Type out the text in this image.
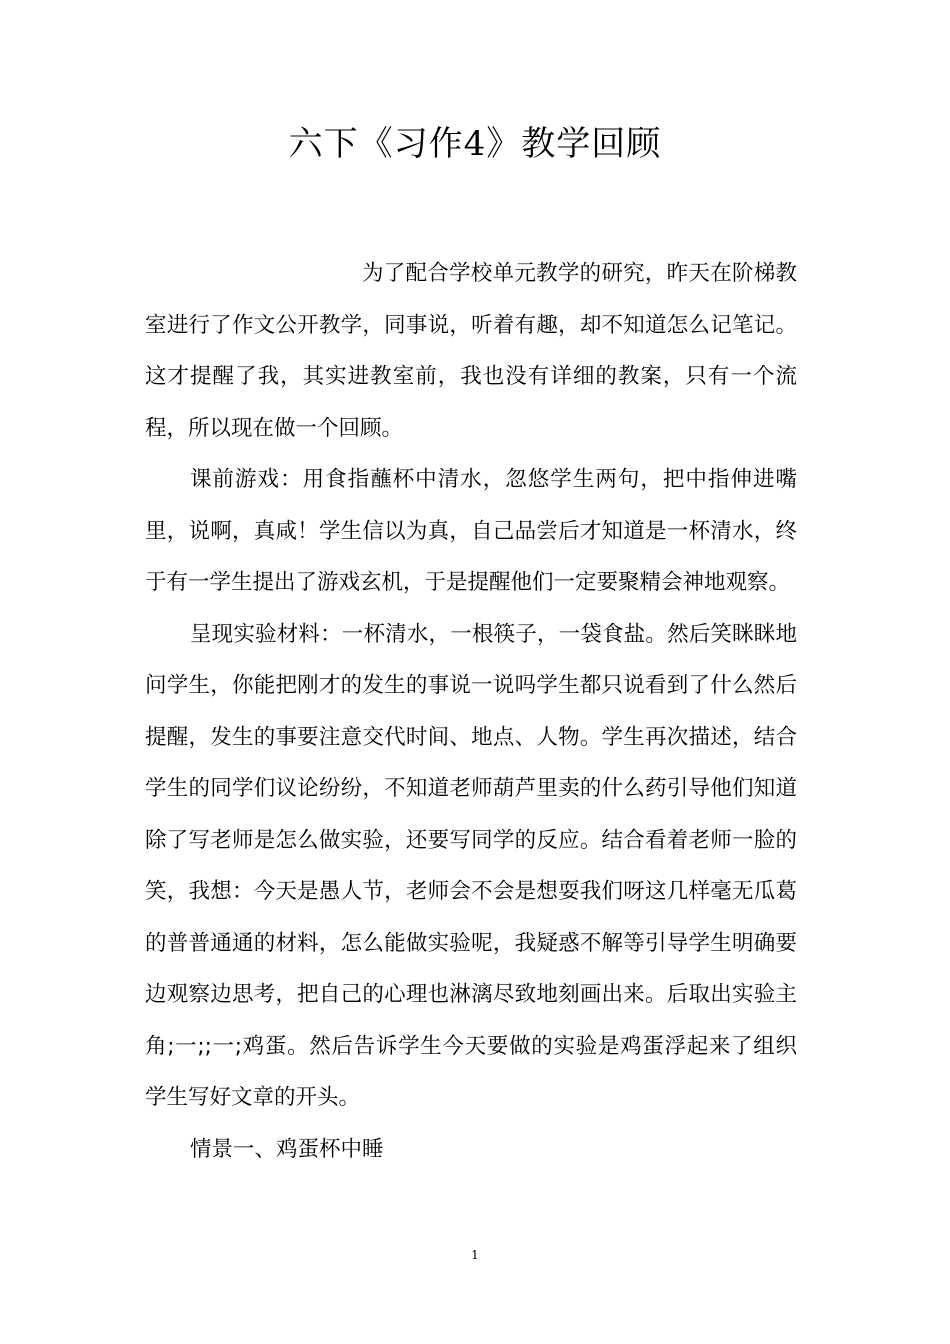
六下《习作4》教学回顾

为了配合学校单元教学的研究，昨天在阶梯教室进行了作文公开教学，同事说，听着有趣，却不知道怎么记笔记。这才提醒了我，其实进教室前，我也没有详细的教案，只有一个流程，所以现在做一个回顾。

课前游戏：用食指蘸杯中清水，忽悠学生两句，把中指伸进嘴里，说啊，真咸！学生信以为真，自己品尝后才知道是一杯清水，终于有一学生提出了游戏玄机，于是提醒他们一定要聚精会神地观察。

呈现实验材料：一杯清水，一根筷子，一袋食盐。然后笑眯眯地问学生，你能把刚才的发生的事说一说吗学生都只说看到了什么然后提醒，发生的事要注意交代时间、地点、人物。学生再次描述，结合学生的同学们议论纷纷，不知道老师葫芦里卖的什么药引导他们知道除了写老师是怎么做实验，还要写同学的反应。结合看着老师一脸的笑，我想：今天是愚人节，老师会不会是想耍我们呀这几样毫无瓜葛的普普通通的材料，怎么能做实验呢，我疑惑不解等引导学生明确要边观察边思考，把自己的心理也淋漓尽致地刻画出来。后取出实验主角;一;;一;鸡蛋。然后告诉学生今天要做的实验是鸡蛋浮起来了组织学生写好文章的开头。

情景一、鸡蛋杯中睡

1
